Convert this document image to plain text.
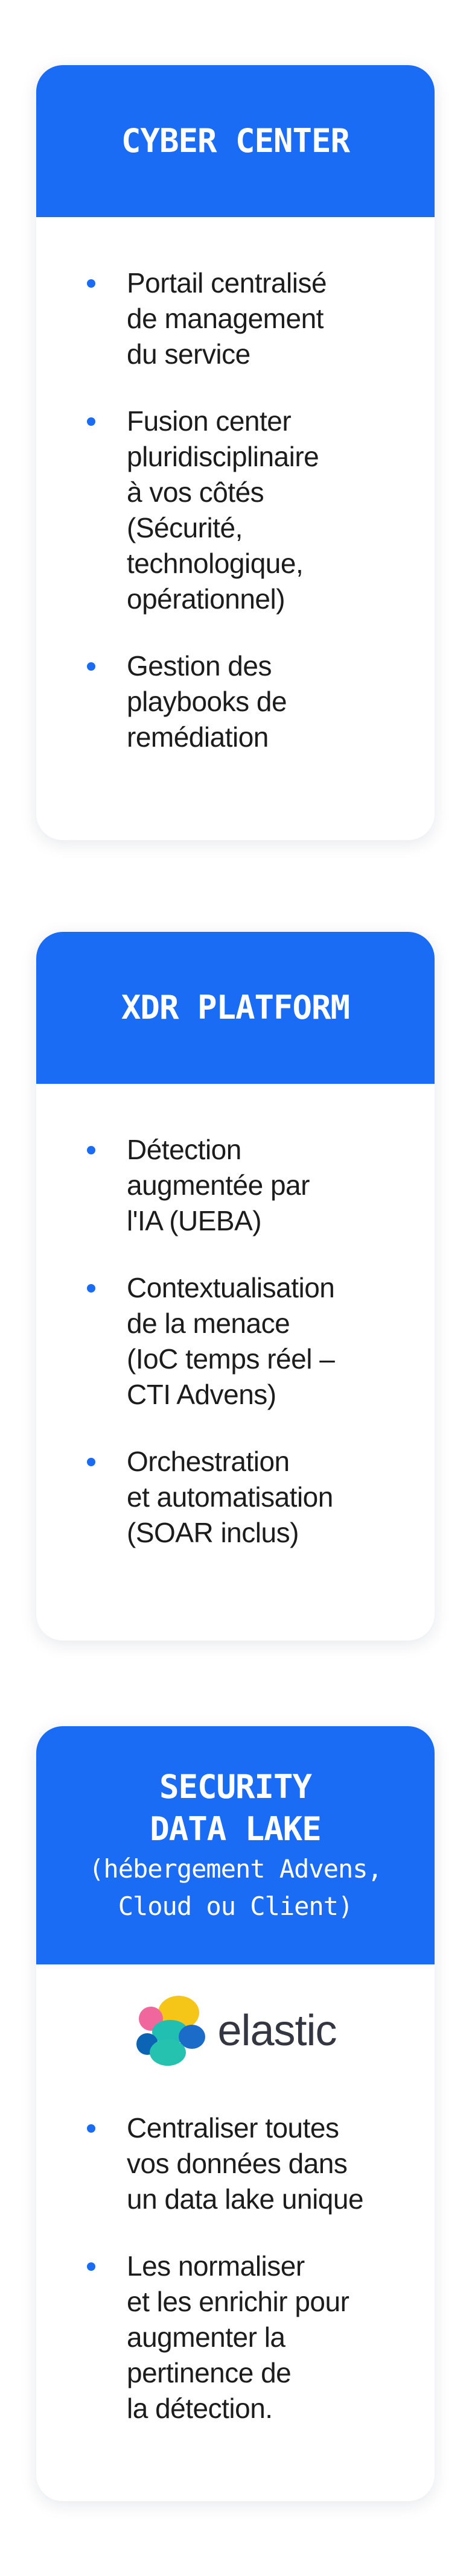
CYBER CENTER
Portail centralisé
de management
du service
Fusion center
pluridisciplinaire
à vos côtés
(Sécurité,
technologique,
opérationnel)
Gestion des
playbooks de
remédiation
XDR PLATFORM
Détection
augmentée par
l'IA (UEBA)
Contextualisation
de la menace
(IoC temps réel –
CTI Advens)
Orchestration
et automatisation
(SOAR inclus)
SECURITY
DATA LAKE
(hébergement Advens,
Cloud ou Client)
elastic
Centraliser toutes
vos données dans
un data lake unique
Les normaliser
et les enrichir pour
augmenter la
pertinence de
la détection.
